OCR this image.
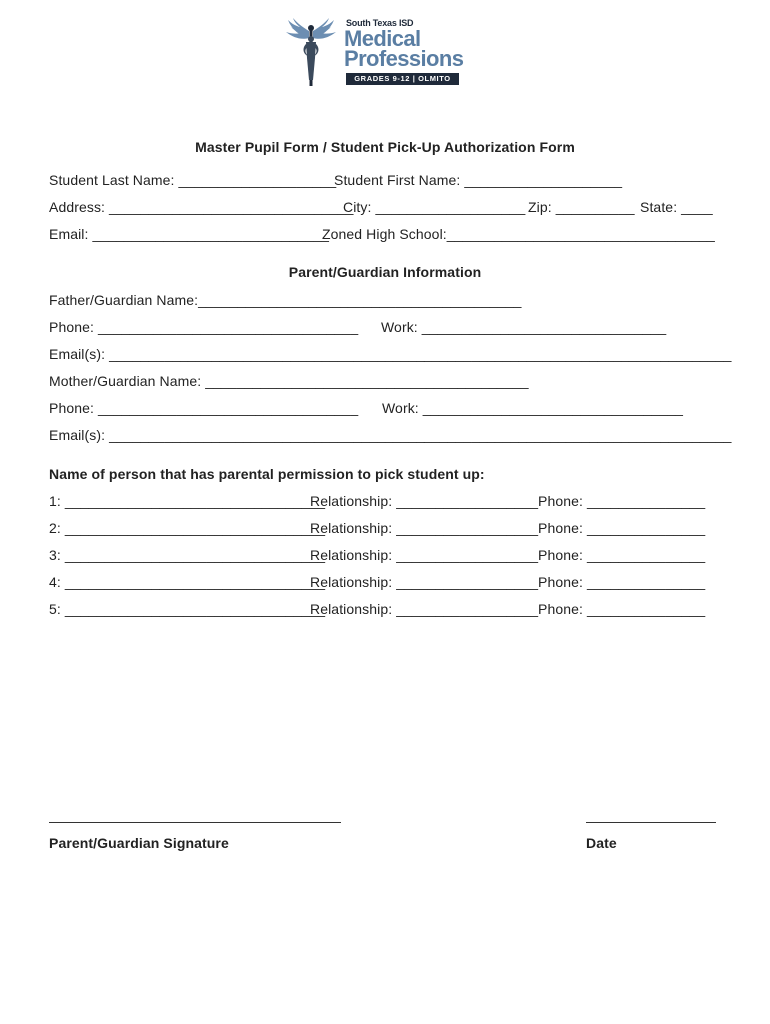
South Texas ISD
Medical
Professions
GRADES 9-12 | OLMITO
Master Pupil Form / Student Pick-Up Authorization Form
Student Last Name: ____________________
Student First Name: ____________________
Address: _______________________________
City: ___________________ Zip: __________ State: ____
Email: ______________________________
Zoned High School:__________________________________
Parent/Guardian Information
Father/Guardian Name:_________________________________________
Phone: _________________________________ Work: _______________________________
Email(s): ________________________________________ _______________________________________
Mother/Guardian Name: _________________________________________
Phone: _________________________________ Work: _________________________________
Email(s): ________________________________________ _______________________________________
Name of person that has parental permission to pick student up:
1: _________________________________
Relationship: __________________ Phone: _______________
2: _________________________________
Relationship: __________________ Phone: _______________
3: _________________________________
Relationship: __________________ Phone: _______________
4: _________________________________
Relationship: __________________ Phone: _______________
5: _________________________________
Relationship: __________________ Phone: _______________
Parent/Guardian Signature	Date
